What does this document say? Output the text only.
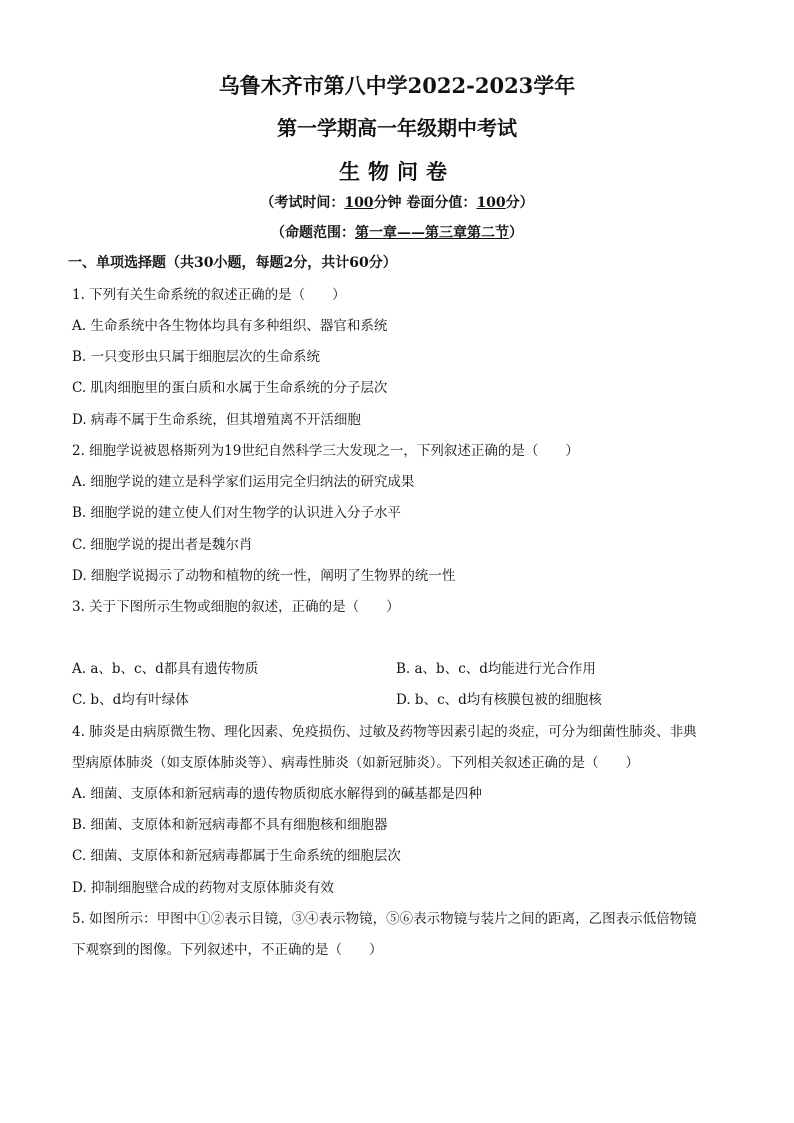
乌鲁木齐市第八中学2022-2023学年
第一学期高一年级期中考试
生物问卷
（考试时间：100分钟 卷面分值：100分）
（命题范围：第一章——第三章第二节）
一、单项选择题（共30小题，每题2分，共计60分）
1. 下列有关生命系统的叙述正确的是（　　）
A. 生命系统中各生物体均具有多种组织、器官和系统
B. 一只变形虫只属于细胞层次的生命系统
C. 肌肉细胞里的蛋白质和水属于生命系统的分子层次
D. 病毒不属于生命系统，但其增殖离不开活细胞
2. 细胞学说被恩格斯列为19世纪自然科学三大发现之一，下列叙述正确的是（　　）
A. 细胞学说的建立是科学家们运用完全归纳法的研究成果
B. 细胞学说的建立使人们对生物学的认识进入分子水平
C. 细胞学说的提出者是魏尔肖
D. 细胞学说揭示了动物和植物的统一性，阐明了生物界的统一性
3. 关于下图所示生物或细胞的叙述，正确的是（　　）
A. a、b、c、d都具有遗传物质	B. a、b、c、d均能进行光合作用
C. b、d均有叶绿体	D. b、c、d均有核膜包被的细胞核
4. 肺炎是由病原微生物、理化因素、免疫损伤、过敏及药物等因素引起的炎症，可分为细菌性肺炎、非典
型病原体肺炎（如支原体肺炎等）、病毒性肺炎（如新冠肺炎）。下列相关叙述正确的是（　　）
A. 细菌、支原体和新冠病毒的遗传物质彻底水解得到的碱基都是四种
B. 细菌、支原体和新冠病毒都不具有细胞核和细胞器
C. 细菌、支原体和新冠病毒都属于生命系统的细胞层次
D. 抑制细胞壁合成的药物对支原体肺炎有效
5. 如图所示：甲图中①②表示目镜，③④表示物镜，⑤⑥表示物镜与装片之间的距离，乙图表示低倍物镜
下观察到的图像。下列叙述中，不正确的是（　　）
